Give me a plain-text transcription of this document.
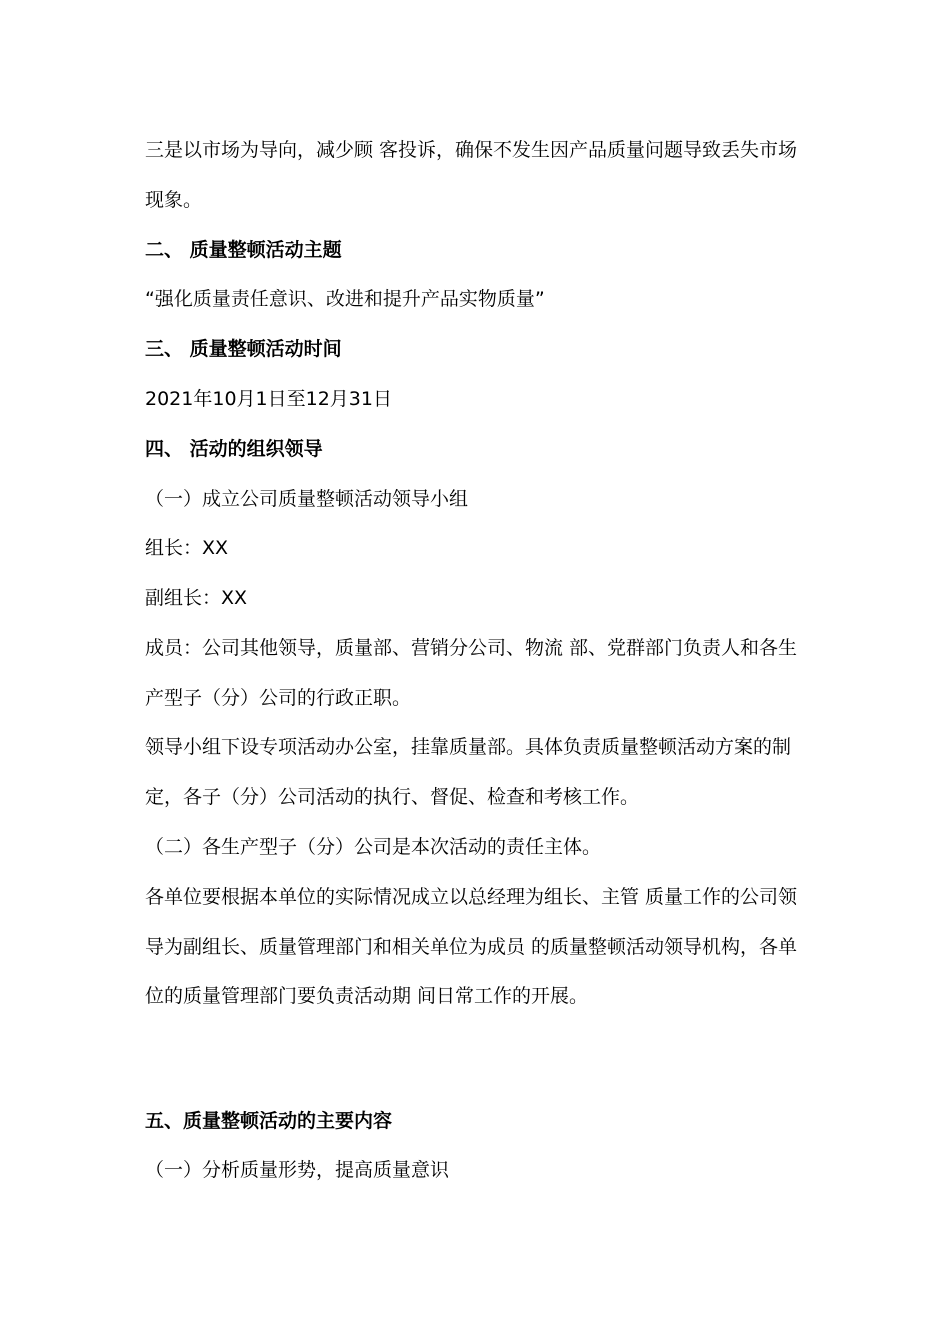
三是以市场为导向，减少顾 客投诉，确保不发生因产品质量问题导致丢失市场
现象。
二、 质量整顿活动主题
“强化质量责任意识、改进和提升产品实物质量”
三、 质量整顿活动时间
2021年10月1日至12月31日
四、 活动的组织领导
（一）成立公司质量整顿活动领导小组
组长：XX
副组长：XX
成员：公司其他领导，质量部、营销分公司、物流 部、党群部门负责人和各生
产型子（分）公司的行政正职。
领导小组下设专项活动办公室，挂靠质量部。具体负责质量整顿活动方案的制
定，各子（分）公司活动的执行、督促、检查和考核工作。
（二）各生产型子（分）公司是本次活动的责任主体。
各单位要根据本单位的实际情况成立以总经理为组长、主管 质量工作的公司领
导为副组长、质量管理部门和相关单位为成员 的质量整顿活动领导机构，各单
位的质量管理部门要负责活动期 间日常工作的开展。
五、质量整顿活动的主要内容
（一）分析质量形势，提高质量意识
